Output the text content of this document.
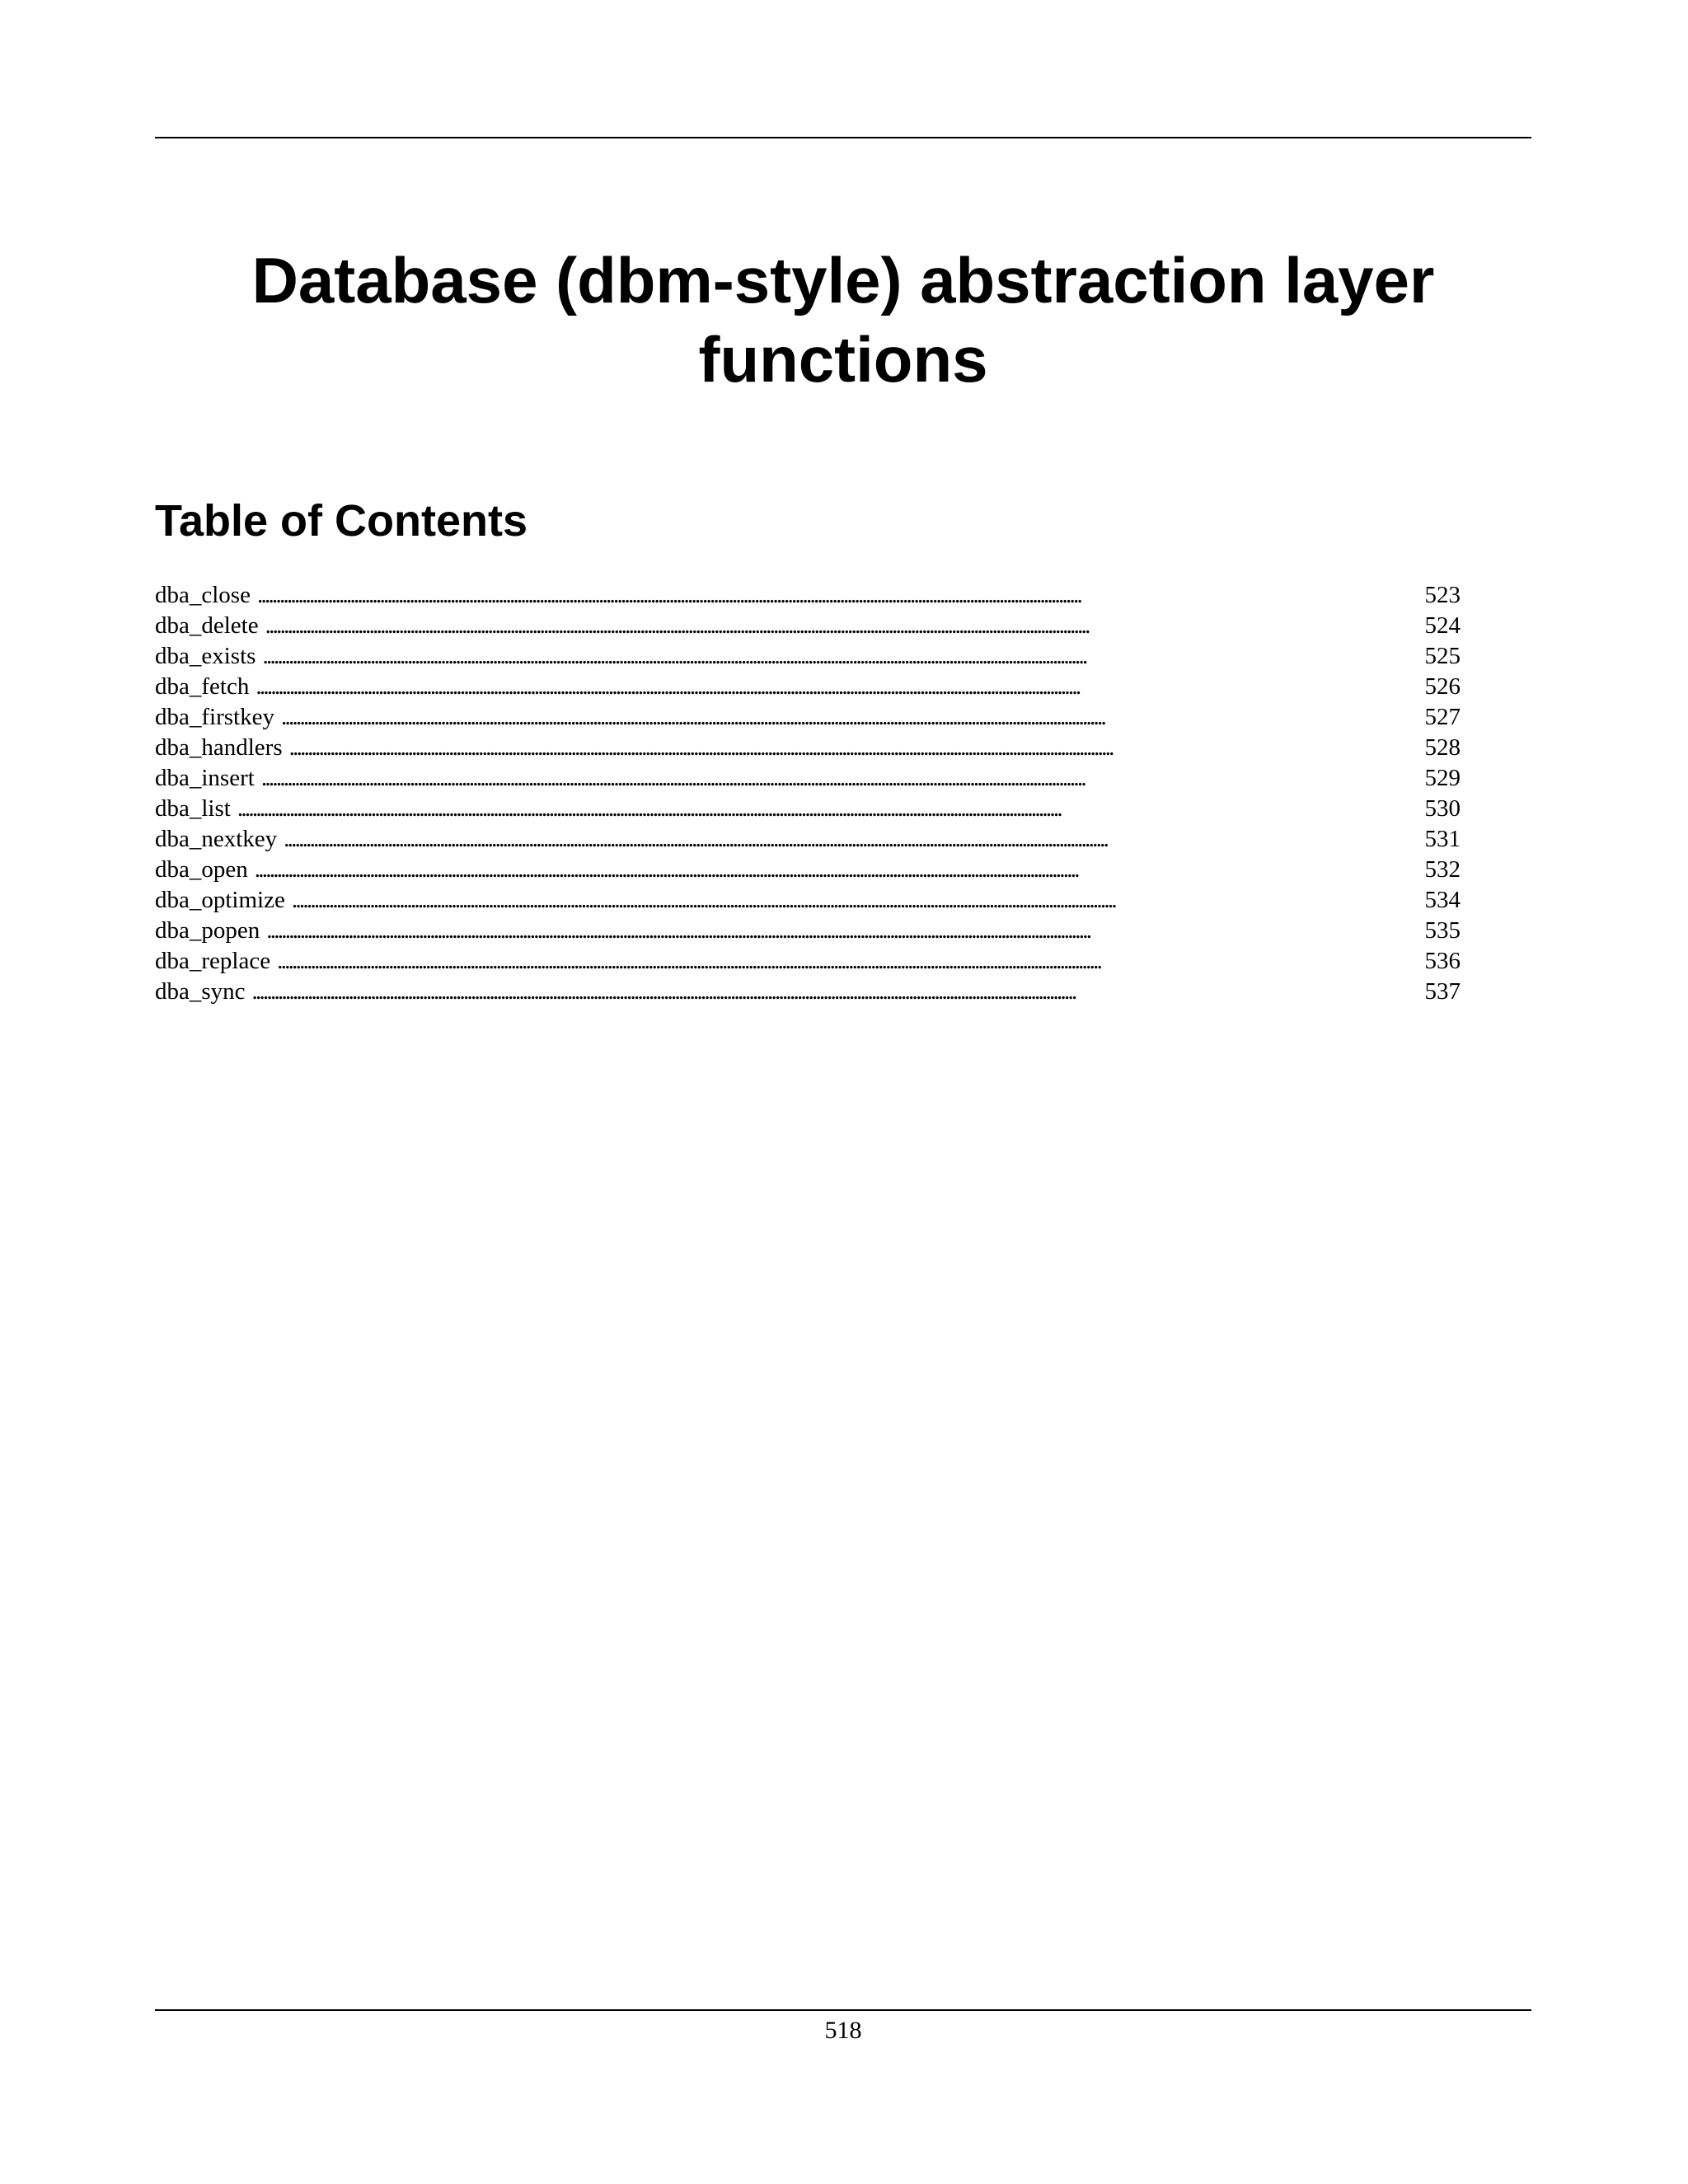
Database (dbm-style) abstraction layer functions
Table of Contents
dba_close . . .	523
dba_delete . . .	524
dba_exists . . .	525
dba_fetch . . .	526
dba_firstkey . . .	527
dba_handlers . . .	528
dba_insert . . .	529
dba_list . . .	530
dba_nextkey . . .	531
dba_open . . .	532
dba_optimize . . .	534
dba_popen . . .	535
dba_replace . . .	536
dba_sync . . .	537
518
